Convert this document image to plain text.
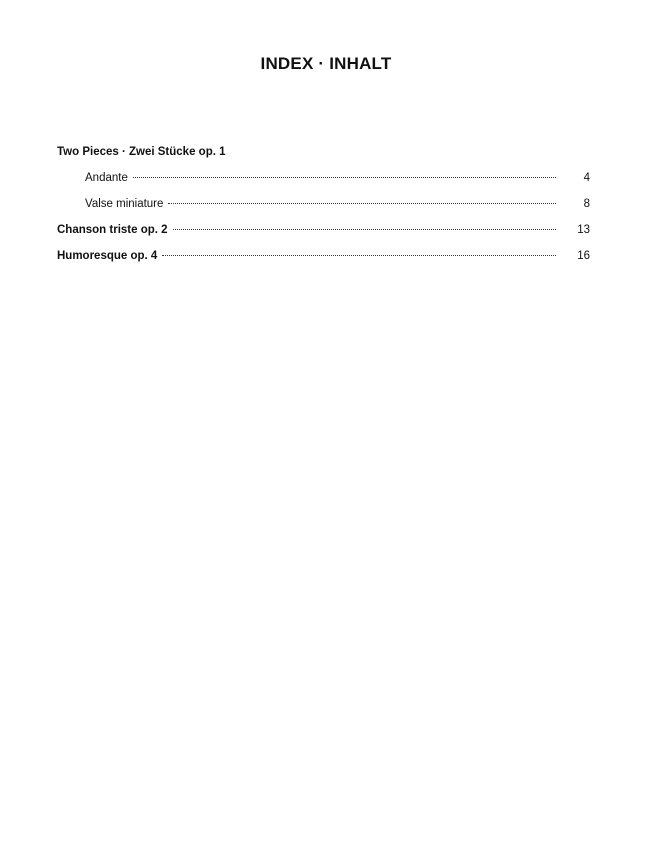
INDEX · INHALT
Two Pieces · Zwei Stücke op. 1
Andante	4
Valse miniature	8
Chanson triste op. 2	13
Humoresque op. 4	16
